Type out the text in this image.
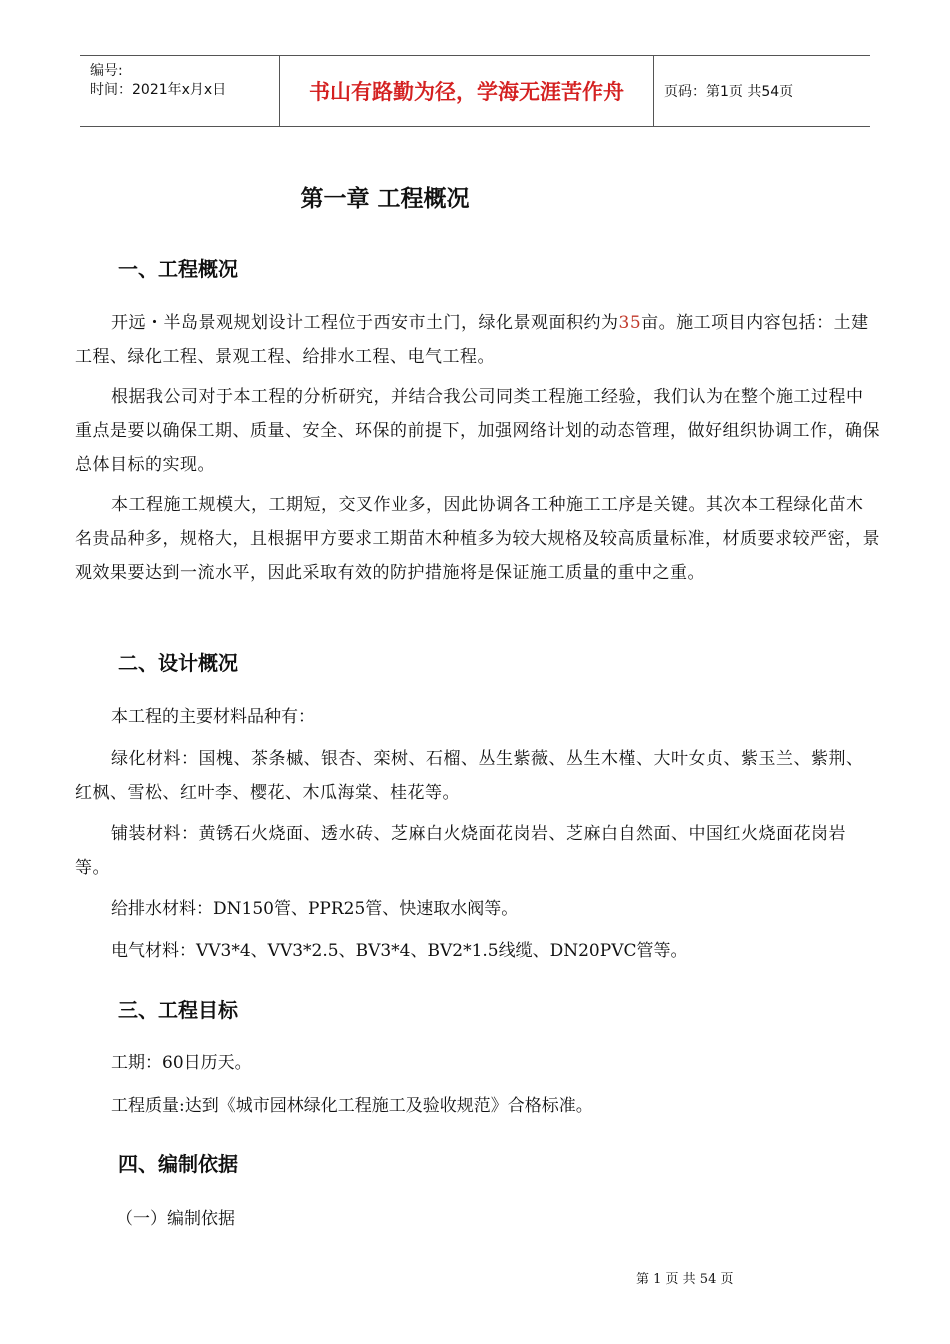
编号:
时间：2021年x月x日	书山有路勤为径，学海无涯苦作舟	页码：第1页 共54页
第一章 工程概况
一、工程概况
开远・半岛景观规划设计工程位于西安市土门，绿化景观面积约为35亩。施工项目内容包括：土建工程、绿化工程、景观工程、给排水工程、电气工程。
根据我公司对于本工程的分析研究，并结合我公司同类工程施工经验，我们认为在整个施工过程中重点是要以确保工期、质量、安全、环保的前提下，加强网络计划的动态管理，做好组织协调工作，确保总体目标的实现。
本工程施工规模大，工期短，交叉作业多，因此协调各工种施工工序是关键。其次本工程绿化苗木名贵品种多，规格大，且根据甲方要求工期苗木种植多为较大规格及较高质量标准，材质要求较严密，景观效果要达到一流水平，因此采取有效的防护措施将是保证施工质量的重中之重。
二、设计概况
本工程的主要材料品种有：
绿化材料：国槐、茶条槭、银杏、栾树、石榴、丛生紫薇、丛生木槿、大叶女贞、紫玉兰、紫荆、红枫、雪松、红叶李、樱花、木瓜海棠、桂花等。
铺装材料：黄锈石火烧面、透水砖、芝麻白火烧面花岗岩、芝麻白自然面、中国红火烧面花岗岩等。
给排水材料：DN150管、PPR25管、快速取水阀等。
电气材料：VV3*4、VV3*2.5、BV3*4、BV2*1.5线缆、DN20PVC管等。
三、工程目标
工期：60日历天。
工程质量:达到《城市园林绿化工程施工及验收规范》合格标准。
四、编制依据
（一）编制依据
第 1 页 共 54 页
